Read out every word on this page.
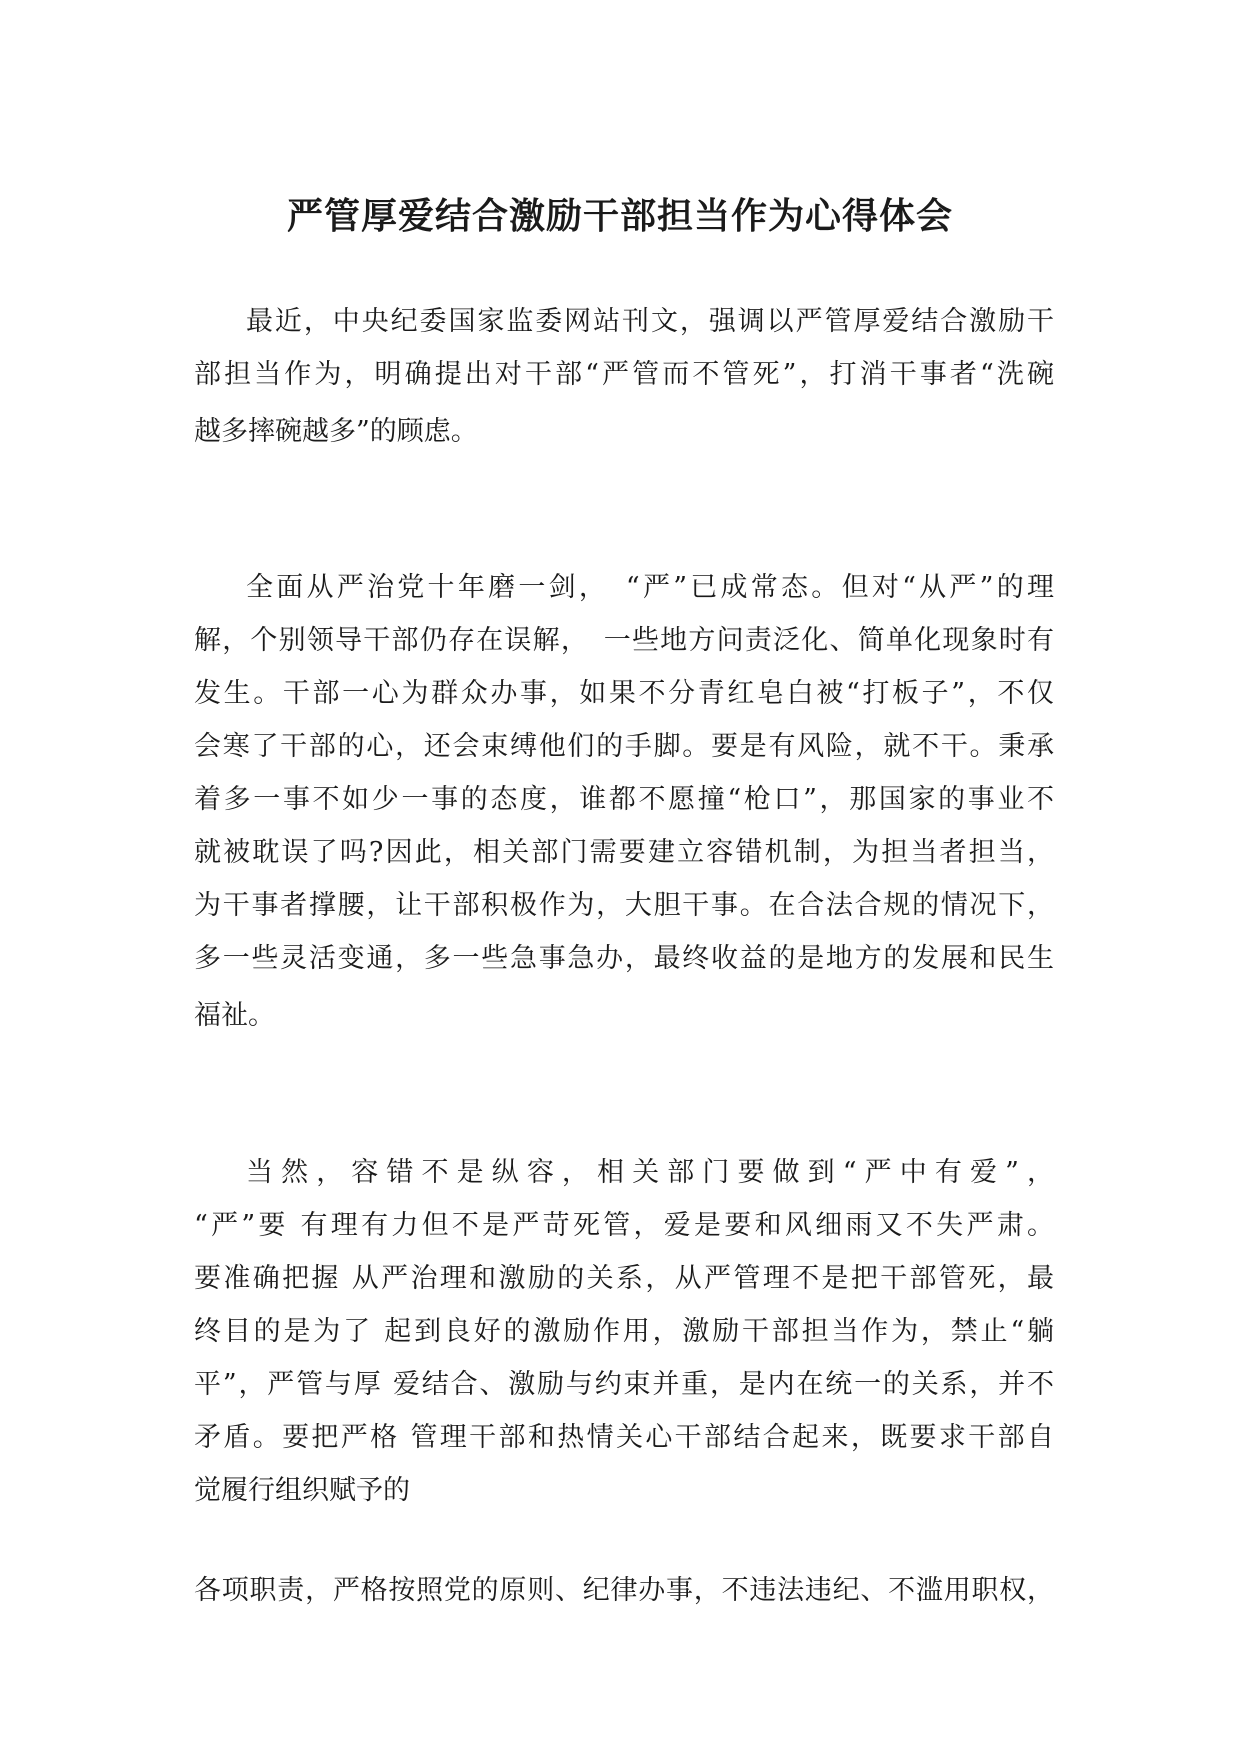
严管厚爱结合激励干部担当作为心得体会

最近，中央纪委国家监委网站刊文，强调以严管厚爱结合激励干

部担当作为，明确提出对干部“严管而不管死”，打消干事者“洗碗

越多摔碗越多”的顾虑。

全面从严治党十年磨一剑，　“严”已成常态。但对“从严”的理

解，个别领导干部仍存在误解，　一些地方问责泛化、简单化现象时有

发生。干部一心为群众办事，如果不分青红皂白被“打板子”，不仅

会寒了干部的心，还会束缚他们的手脚。要是有风险，就不干。秉承

着多一事不如少一事的态度，谁都不愿撞“枪口”，那国家的事业不

就被耽误了吗?因此，相关部门需要建立容错机制，为担当者担当，

为干事者撑腰，让干部积极作为，大胆干事。在合法合规的情况下，

多一些灵活变通，多一些急事急办，最终收益的是地方的发展和民生

福祉。

当然，容错不是纵容，相关部门要做到“严中有爱”，

“严”要 有理有力但不是严苛死管，爱是要和风细雨又不失严肃。

要准确把握 从严治理和激励的关系，从严管理不是把干部管死，最

终目的是为了 起到良好的激励作用，激励干部担当作为，禁止“躺

平”，严管与厚 爱结合、激励与约束并重，是内在统一的关系，并不

矛盾。要把严格 管理干部和热情关心干部结合起来，既要求干部自

觉履行组织赋予的

各项职责，严格按照党的原则、纪律办事，不违法违纪、不滥用职权，
